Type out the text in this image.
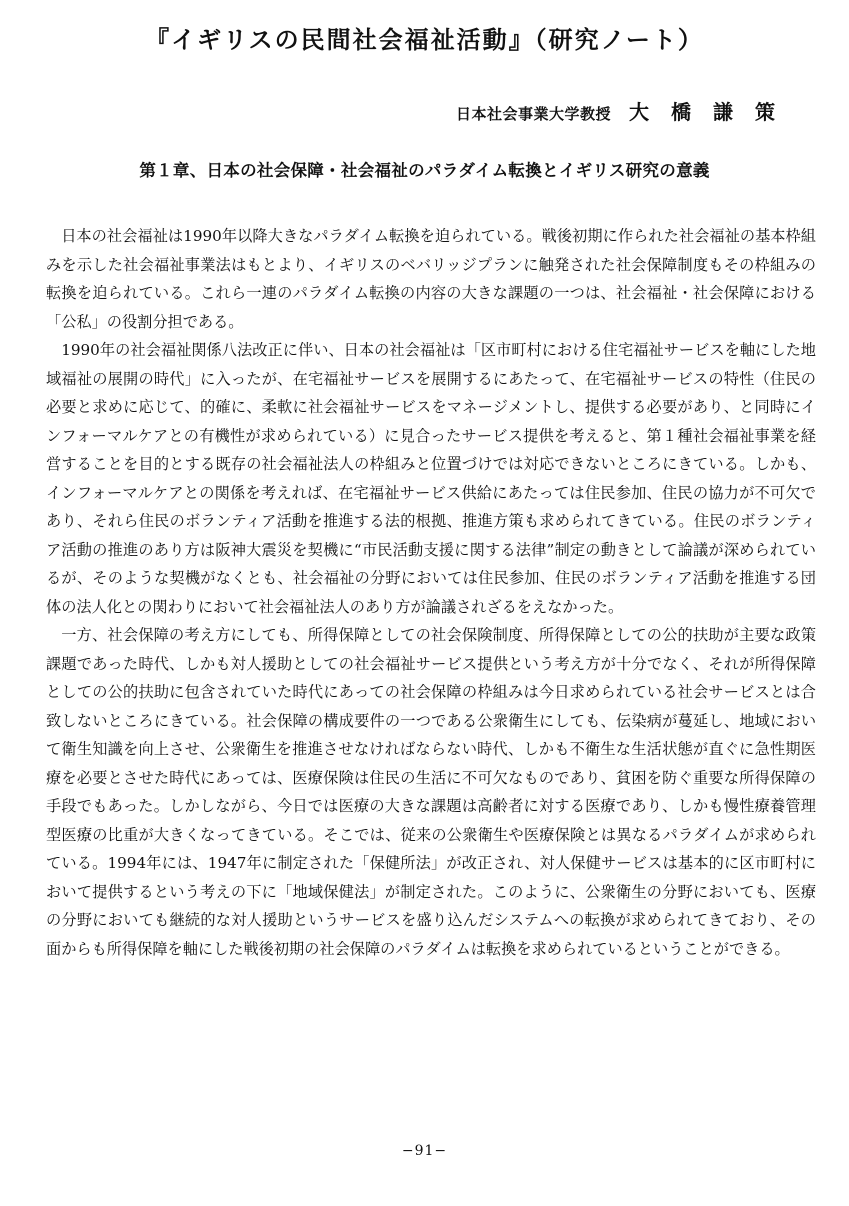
『イギリスの民間社会福祉活動』（研究ノート）
日本社会事業大学教授 大橋謙策
第１章、日本の社会保障・社会福祉のパラダイム転換とイギリス研究の意義

日本の社会福祉は1990年以降大きなパラダイム転換を迫られている。戦後初期に作られた社会福祉の基本枠組みを示した社会福祉事業法はもとより、イギリスのベバリッジプランに触発された社会保障制度もその枠組みの転換を迫られている。これら一連のパラダイム転換の内容の大きな課題の一つは、社会福祉・社会保障における「公私」の役割分担である。

1990年の社会福祉関係八法改正に伴い、日本の社会福祉は「区市町村における住宅福祉サービスを軸にした地域福祉の展開の時代」に入ったが、在宅福祉サービスを展開するにあたって、在宅福祉サービスの特性（住民の必要と求めに応じて、的確に、柔軟に社会福祉サービスをマネージメントし、提供する必要があり、と同時にインフォーマルケアとの有機性が求められている）に見合ったサービス提供を考えると、第１種社会福祉事業を経営することを目的とする既存の社会福祉法人の枠組みと位置づけでは対応できないところにきている。しかも、インフォーマルケアとの関係を考えれば、在宅福祉サービス供給にあたっては住民参加、住民の協力が不可欠であり、それら住民のボランティア活動を推進する法的根拠、推進方策も求められてきている。住民のボランティア活動の推進のあり方は阪神大震災を契機に“市民活動支援に関する法律”制定の動きとして論議が深められているが、そのような契機がなくとも、社会福祉の分野においては住民参加、住民のボランティア活動を推進する団体の法人化との関わりにおいて社会福祉法人のあり方が論議されざるをえなかった。

一方、社会保障の考え方にしても、所得保障としての社会保険制度、所得保障としての公的扶助が主要な政策課題であった時代、しかも対人援助としての社会福祉サービス提供という考え方が十分でなく、それが所得保障としての公的扶助に包含されていた時代にあっての社会保障の枠組みは今日求められている社会サービスとは合致しないところにきている。社会保障の構成要件の一つである公衆衛生にしても、伝染病が蔓延し、地域において衛生知識を向上させ、公衆衛生を推進させなければならない時代、しかも不衛生な生活状態が直ぐに急性期医療を必要とさせた時代にあっては、医療保険は住民の生活に不可欠なものであり、貧困を防ぐ重要な所得保障の手段でもあった。しかしながら、今日では医療の大きな課題は高齢者に対する医療であり、しかも慢性療養管理型医療の比重が大きくなってきている。そこでは、従来の公衆衛生や医療保険とは異なるパラダイムが求められている。1994年には、1947年に制定された「保健所法」が改正され、対人保健サービスは基本的に区市町村において提供するという考えの下に「地域保健法」が制定された。このように、公衆衛生の分野においても、医療の分野においても継続的な対人援助というサービスを盛り込んだシステムへの転換が求められてきており、その面からも所得保障を軸にした戦後初期の社会保障のパラダイムは転換を求められているということができる。

−91−
